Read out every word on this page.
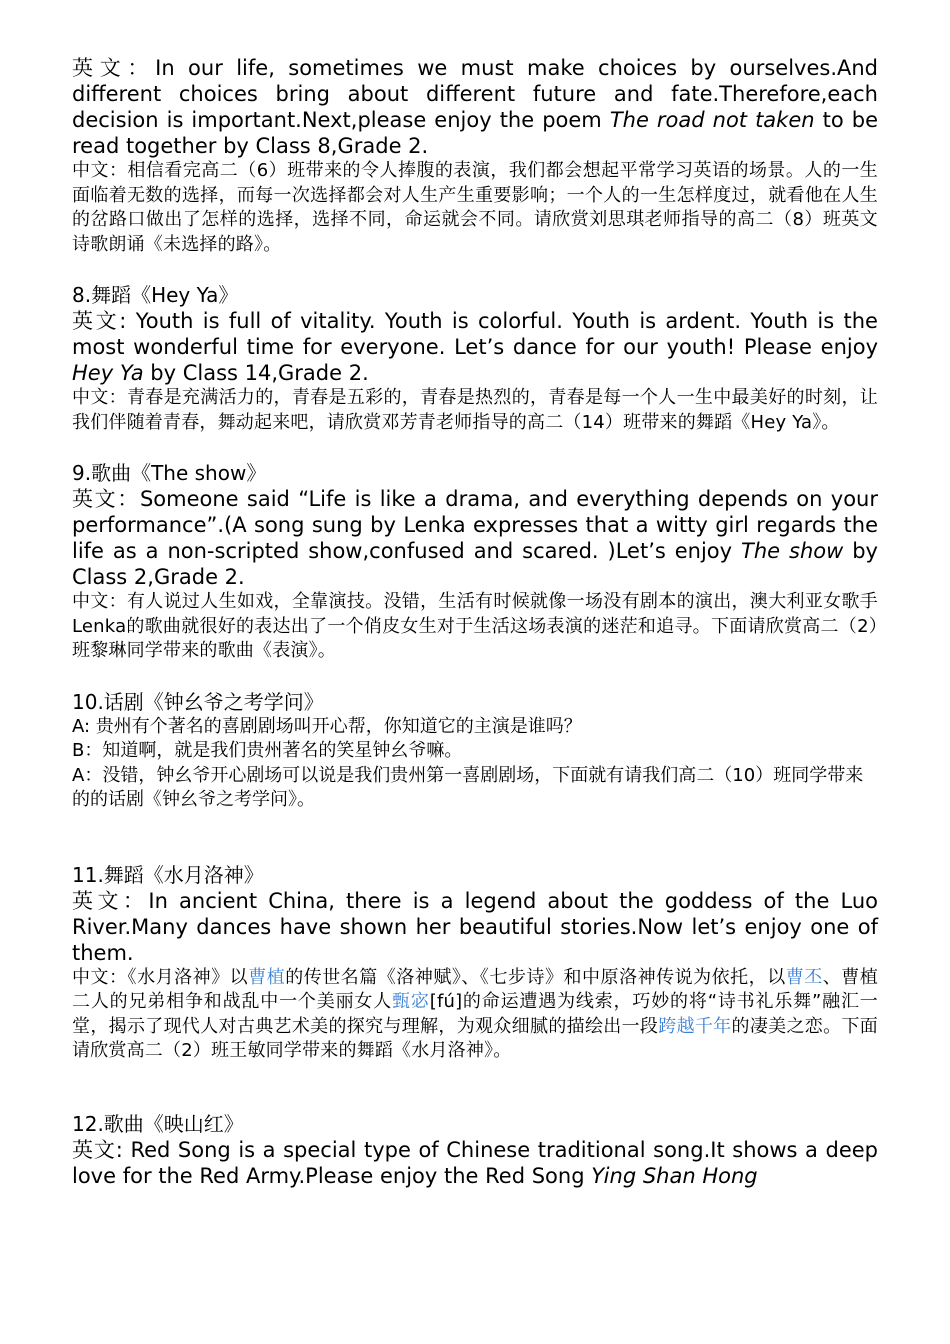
英文：In our life, sometimes we must make choices by ourselves.And different choices bring about different future and fate.Therefore,each decision is important.Next,please enjoy the poem The road not taken to be read together by Class 8,Grade 2.

中文：相信看完高二（6）班带来的令人捧腹的表演，我们都会想起平常学习英语的场景。人的一生面临着无数的选择，而每一次选择都会对人生产生重要影响；一个人的一生怎样度过，就看他在人生的岔路口做出了怎样的选择，选择不同，命运就会不同。请欣赏刘思琪老师指导的高二（8）班英文诗歌朗诵《未选择的路》。

8.舞蹈《Hey Ya》

英文: Youth is full of vitality. Youth is colorful. Youth is ardent. Youth is the most wonderful time for everyone. Let’s dance for our youth! Please enjoy Hey Ya by Class 14,Grade 2.

中文：青春是充满活力的，青春是五彩的，青春是热烈的，青春是每一个人一生中最美好的时刻，让我们伴随着青春，舞动起来吧，请欣赏邓芳青老师指导的高二（14）班带来的舞蹈《Hey Ya》。

9.歌曲《The show》

英文：Someone said “Life is like a drama, and everything depends on your performance”.(A song sung by Lenka expresses that a witty girl regards the life as a non-scripted show,confused and scared. )Let’s enjoy The show by Class 2,Grade 2.

中文：有人说过人生如戏，全靠演技。没错，生活有时候就像一场没有剧本的演出，澳大利亚女歌手Lenka的歌曲就很好的表达出了一个俏皮女生对于生活这场表演的迷茫和追寻。下面请欣赏高二（2）班黎琳同学带来的歌曲《表演》。

10.话剧《钟幺爷之考学问》

A: 贵州有个著名的喜剧剧场叫开心帮，你知道它的主演是谁吗？

B：知道啊，就是我们贵州著名的笑星钟幺爷嘛。

A：没错，钟幺爷开心剧场可以说是我们贵州第一喜剧剧场，下面就有请我们高二（10）班同学带来的的话剧《钟幺爷之考学问》。

11.舞蹈《水月洛神》

英文：In ancient China, there is a legend about the goddess of the Luo River.Many dances have shown her beautiful stories.Now let’s enjoy one of them.

中文：《水月洛神》以曹植的传世名篇《洛神赋》、《七步诗》和中原洛神传说为依托，以曹丕、曹植二人的兄弟相争和战乱中一个美丽女人甄宓[fú]的命运遭遇为线索，巧妙的将“诗书礼乐舞”融汇一堂，揭示了现代人对古典艺术美的探究与理解，为观众细腻的描绘出一段跨越千年的凄美之恋。下面请欣赏高二（2）班王敏同学带来的舞蹈《水月洛神》。

12.歌曲《映山红》

英文: Red Song is a special type of Chinese traditional song.It shows a deep love for the Red Army.Please enjoy the Red Song Ying Shan Hong
